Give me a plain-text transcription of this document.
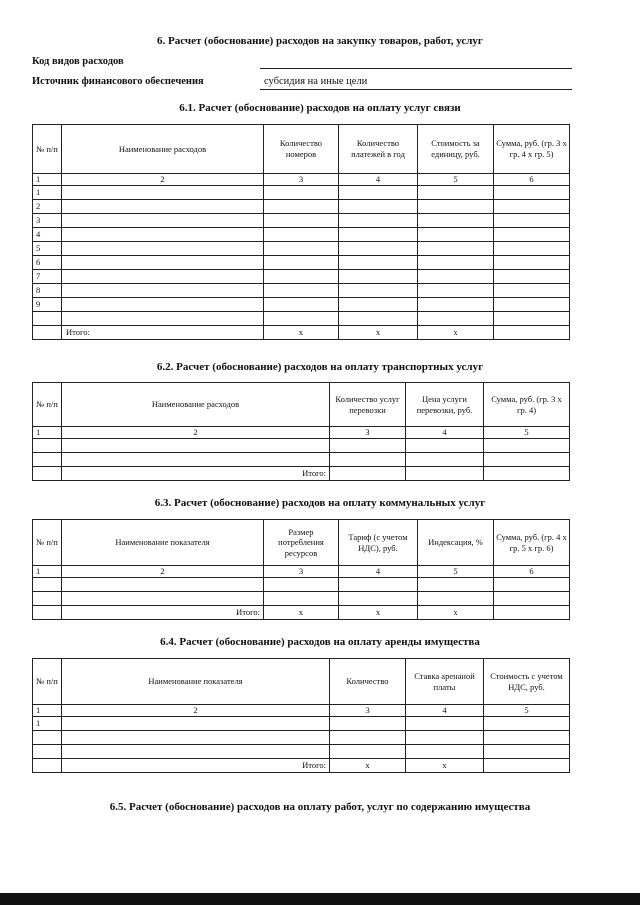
6. Расчет (обоснование) расходов на закупку товаров, работ, услуг
Код видов расходов
Источник финансового обеспечения	субсидия на иные цели
6.1. Расчет (обоснование) расходов на оплату услуг связи
№ п/п	Наименование расходов	Количество номеров	Количество платежей в год	Стоимость за единицу, руб.	Сумма, руб. (гр. 3 х гр. 4 х гр. 5)
1	2	3	4	5	6
1					
2					
3					
4					
5					
6					
7					
8					
9					

	Итого:	x	x	x	
6.2. Расчет (обоснование) расходов на оплату транспортных услуг
№ п/п	Наименование расходов	Количество услуг перевозки	Цена услуги перевозки, руб.	Сумма, руб. (гр. 3 х гр. 4)
1	2	3	4	5

	Итого:			
6.3. Расчет (обоснование) расходов на оплату коммунальных услуг
№ п/п	Наименование показателя	Размер потребления ресурсов	Тариф (с учетом НДС), руб.	Индексация, %	Сумма, руб. (гр. 4 х гр. 5 х гр. 6)
1	2	3	4	5	6

	Итого:	x	x	x	
6.4. Расчет (обоснование) расходов на оплату аренды имущества
№ п/п	Наименование показателя	Количество	Ставка аренаной платы	Стоимость с учетом НДС, руб.
1	2	3	4	5
1				

	Итого:	x	x	
6.5. Расчет (обоснование) расходов на оплату работ, услуг по содержанию имущества
